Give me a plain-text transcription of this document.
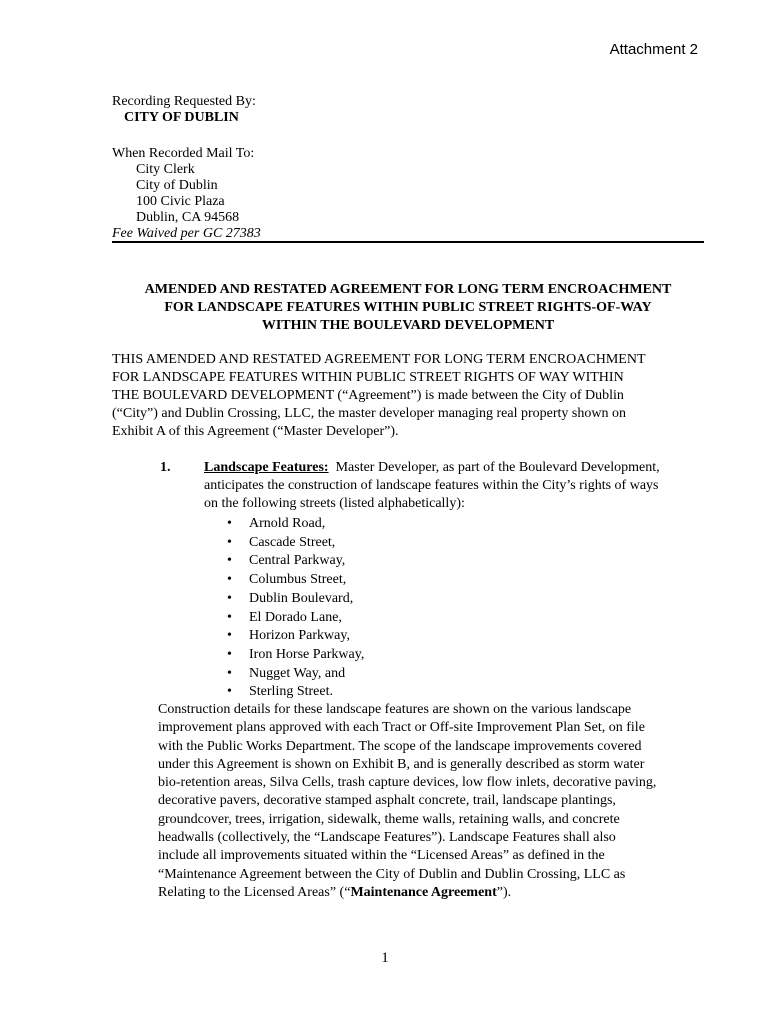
Attachment 2
Recording Requested By:
CITY OF DUBLIN
When Recorded Mail To:
City Clerk
City of Dublin
100 Civic Plaza
Dublin, CA 94568
Fee Waived per GC 27383
AMENDED AND RESTATED AGREEMENT FOR LONG TERM ENCROACHMENT
FOR LANDSCAPE FEATURES WITHIN PUBLIC STREET RIGHTS-OF-WAY
WITHIN THE BOULEVARD DEVELOPMENT
THIS AMENDED AND RESTATED AGREEMENT FOR LONG TERM ENCROACHMENT
FOR LANDSCAPE FEATURES WITHIN PUBLIC STREET RIGHTS OF WAY WITHIN
THE BOULEVARD DEVELOPMENT (“Agreement”) is made between the City of Dublin
(“City”) and Dublin Crossing, LLC, the master developer managing real property shown on
Exhibit A of this Agreement (“Master Developer”).
1. Landscape Features:  Master Developer, as part of the Boulevard Development,
anticipates the construction of landscape features within the City’s rights of ways
on the following streets (listed alphabetically):
• Arnold Road,
• Cascade Street,
• Central Parkway,
• Columbus Street,
• Dublin Boulevard,
• El Dorado Lane,
• Horizon Parkway,
• Iron Horse Parkway,
• Nugget Way, and
• Sterling Street.
Construction details for these landscape features are shown on the various landscape
improvement plans approved with each Tract or Off-site Improvement Plan Set, on file
with the Public Works Department. The scope of the landscape improvements covered
under this Agreement is shown on Exhibit B, and is generally described as storm water
bio-retention areas, Silva Cells, trash capture devices, low flow inlets, decorative paving,
decorative pavers, decorative stamped asphalt concrete, trail, landscape plantings,
groundcover, trees, irrigation, sidewalk, theme walls, retaining walls, and concrete
headwalls (collectively, the “Landscape Features”). Landscape Features shall also
include all improvements situated within the “Licensed Areas” as defined in the
“Maintenance Agreement between the City of Dublin and Dublin Crossing, LLC as
Relating to the Licensed Areas” (“Maintenance Agreement”).
1
